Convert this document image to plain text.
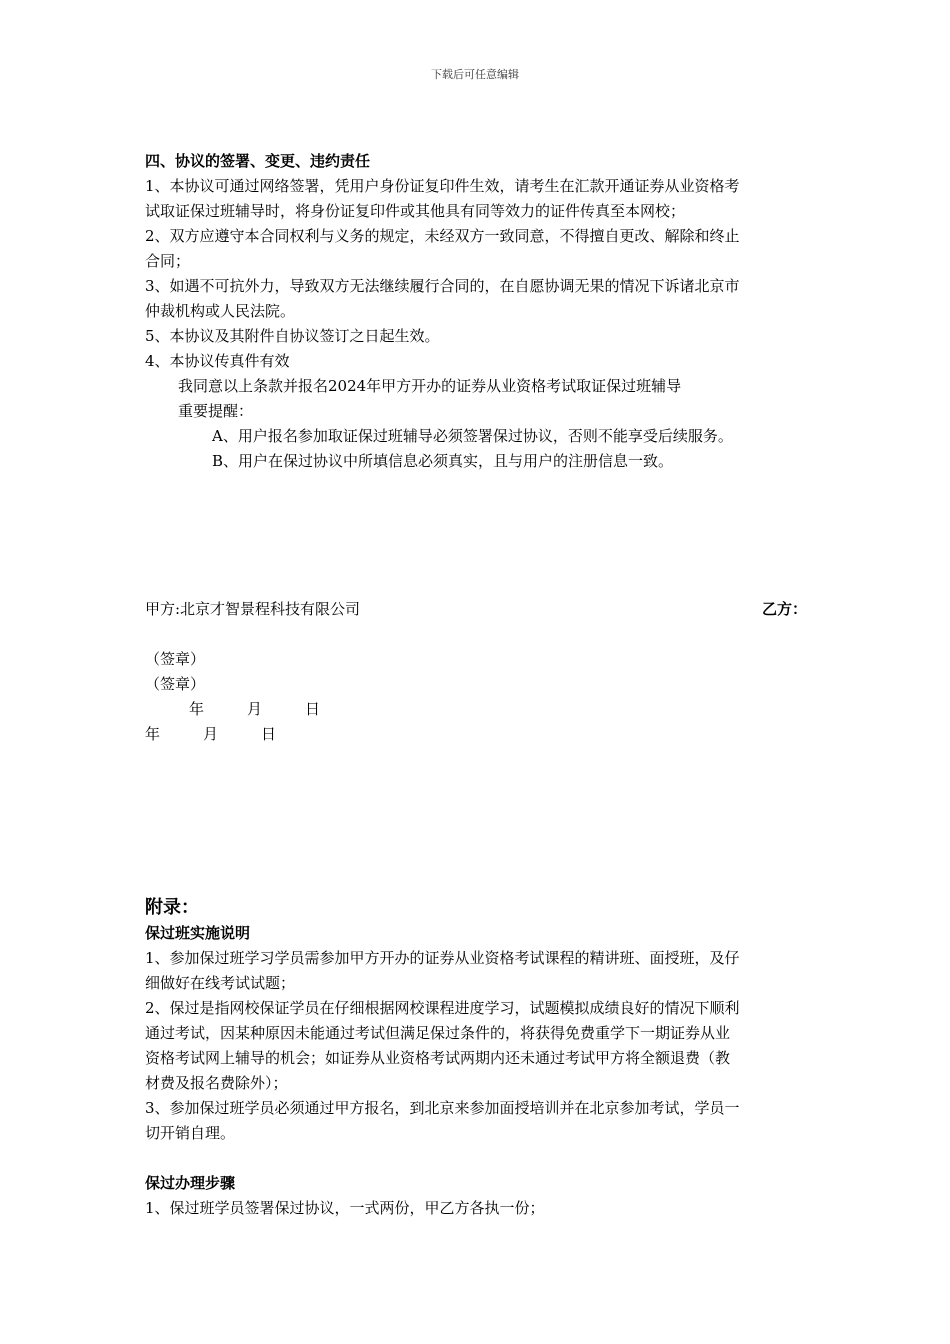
下载后可任意编辑
四、协议的签署、变更、违约责任
1、本协议可通过网络签署，凭用户身份证复印件生效，请考生在汇款开通证券从业资格考
试取证保过班辅导时，将身份证复印件或其他具有同等效力的证件传真至本网校；
2、双方应遵守本合同权利与义务的规定，未经双方一致同意，不得擅自更改、解除和终止
合同；
3、如遇不可抗外力，导致双方无法继续履行合同的，在自愿协调无果的情况下诉诸北京市
仲裁机构或人民法院。
5、本协议及其附件自协议签订之日起生效。
4、本协议传真件有效
我同意以上条款并报名2024年甲方开办的证券从业资格考试取证保过班辅导
重要提醒：
A、用户报名参加取证保过班辅导必须签署保过协议，否则不能享受后续服务。
B、用户在保过协议中所填信息必须真实，且与用户的注册信息一致。
甲方:北京才智景程科技有限公司	乙方：
（签章）
（签章）
年	月	日
年	月	日
附录：
保过班实施说明
1、参加保过班学习学员需参加甲方开办的证券从业资格考试课程的精讲班、面授班，及仔
细做好在线考试试题；
2、保过是指网校保证学员在仔细根据网校课程进度学习，试题模拟成绩良好的情况下顺利
通过考试，因某种原因未能通过考试但满足保过条件的，将获得免费重学下一期证券从业
资格考试网上辅导的机会；如证券从业资格考试两期内还未通过考试甲方将全额退费（教
材费及报名费除外）；
3、参加保过班学员必须通过甲方报名，到北京来参加面授培训并在北京参加考试，学员一
切开销自理。
保过办理步骤
1、保过班学员签署保过协议，一式两份，甲乙方各执一份；
